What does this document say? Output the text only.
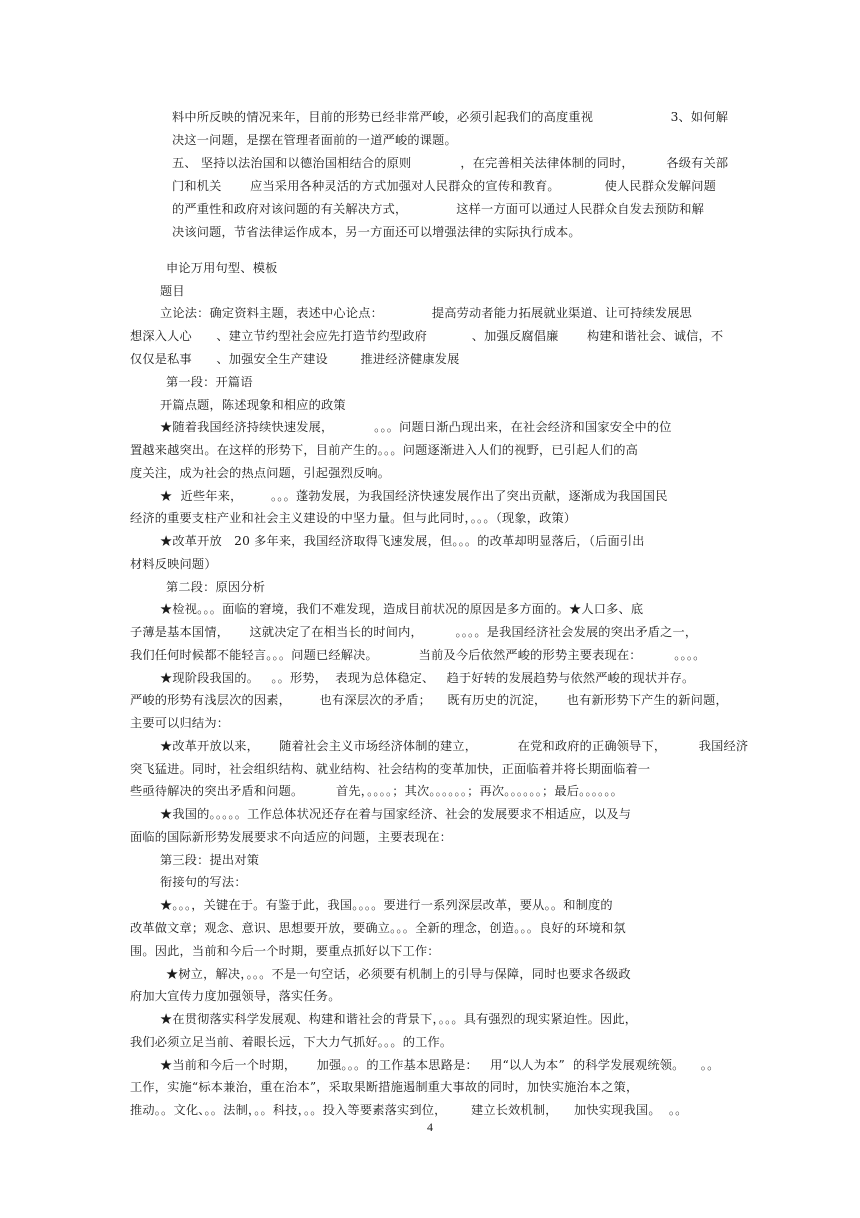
料中所反映的情况来年，目前的形势已经非常严峻，必须引起我们的高度重视                   3、如何解
决这一问题，是摆在管理者面前的一道严峻的课题。
五、 坚持以法治国和以德治国相结合的原则            ，在完善相关法律体制的同时，        各级有关部
门和机关       应当采用各种灵活的方式加强对人民群众的宣传和教育。           使人民群众发解问题
的严重性和政府对该问题的有关解决方式，            这样一方面可以通过人民群众自发去预防和解
决该问题，节省法律运作成本，另一方面还可以增强法律的实际执行成本。
申论万用句型、模板
题目
立论法：确定资料主题，表述中心论点：            提高劳动者能力拓展就业渠道、让可持续发展思
想深入人心      、建立节约型社会应先打造节约型政府           、加强反腐倡廉       构建和谐社会、诚信，不
仅仅是私事      、加强安全生产建设        推进经济健康发展
第一段：开篇语
开篇点题，陈述现象和相应的政策
★随着我国经济持续快速发展，          。。。问题日渐凸现出来，在社会经济和国家安全中的位
置越来越突出。在这样的形势下，目前产生的。。。问题逐渐进入人们的视野，已引起人们的高
度关注，成为社会的热点问题，引起强烈反响。
★  近些年来，       。。。蓬勃发展，为我国经济快速发展作出了突出贡献，逐渐成为我国国民
经济的重要支柱产业和社会主义建设的中坚力量。但与此同时，。。。（现象，政策）
★改革开放   20 多年来，我国经济取得飞速发展，但。。。的改革却明显落后，（后面引出
材料反映问题）
第二段：原因分析
★检视。。。面临的窘境，我们不难发现，造成目前状况的原因是多方面的。★人口多、底
子薄是基本国情，     这就决定了在相当长的时间内，        。。。。是我国经济社会发展的突出矛盾之一，
我们任何时候都不能轻言。。。问题已经解决。          当前及今后依然严峻的形势主要表现在：        。。。。
★现阶段我国的。   。。形势，  表现为总体稳定、   趋于好转的发展趋势与依然严峻的现状并存。
严峻的形势有浅层次的因素，       也有深层次的矛盾；    既有历史的沉淀，     也有新形势下产生的新问题，
主要可以归结为：
★改革开放以来，     随着社会主义市场经济体制的建立，          在党和政府的正确领导下，        我国经济
突飞猛进。同时，社会组织结构、就业结构、社会结构的变革加快，正面临着并将长期面临着一
些亟待解决的突出矛盾和问题。        首先，。。。。；其次。。。。。。；再次。。。。。。；最后。。。。。。
★我国的。。。。。工作总体状况还存在着与国家经济、社会的发展要求不相适应，以及与
面临的国际新形势发展要求不向适应的问题，主要表现在：
第三段：提出对策
衔接句的写法：
★。。。，关键在于。有鉴于此，我国。。。。要进行一系列深层改革，要从。。和制度的
改革做文章；观念、意识、思想要开放，要确立。。。全新的理念，创造。。。良好的环境和氛
围。因此，当前和今后一个时期，要重点抓好以下工作：
★树立，解决，。。。不是一句空话，必须要有机制上的引导与保障，同时也要求各级政
府加大宣传力度加强领导，落实任务。
★在贯彻落实科学发展观、构建和谐社会的背景下，。。。具有强烈的现实紧迫性。因此，
我们必须立足当前、着眼长远，下大力气抓好。。。的工作。
★当前和今后一个时期，     加强。。。的工作基本思路是：   用“以人为本”  的科学发展观统领。    。。
工作，实施“标本兼治，重在治本”，采取果断措施遏制重大事故的同时，加快实施治本之策，
推动。。文化、。。法制，。。科技，。。投入等要素落实到位，      建立长效机制，    加快实现我国。  。。
4
